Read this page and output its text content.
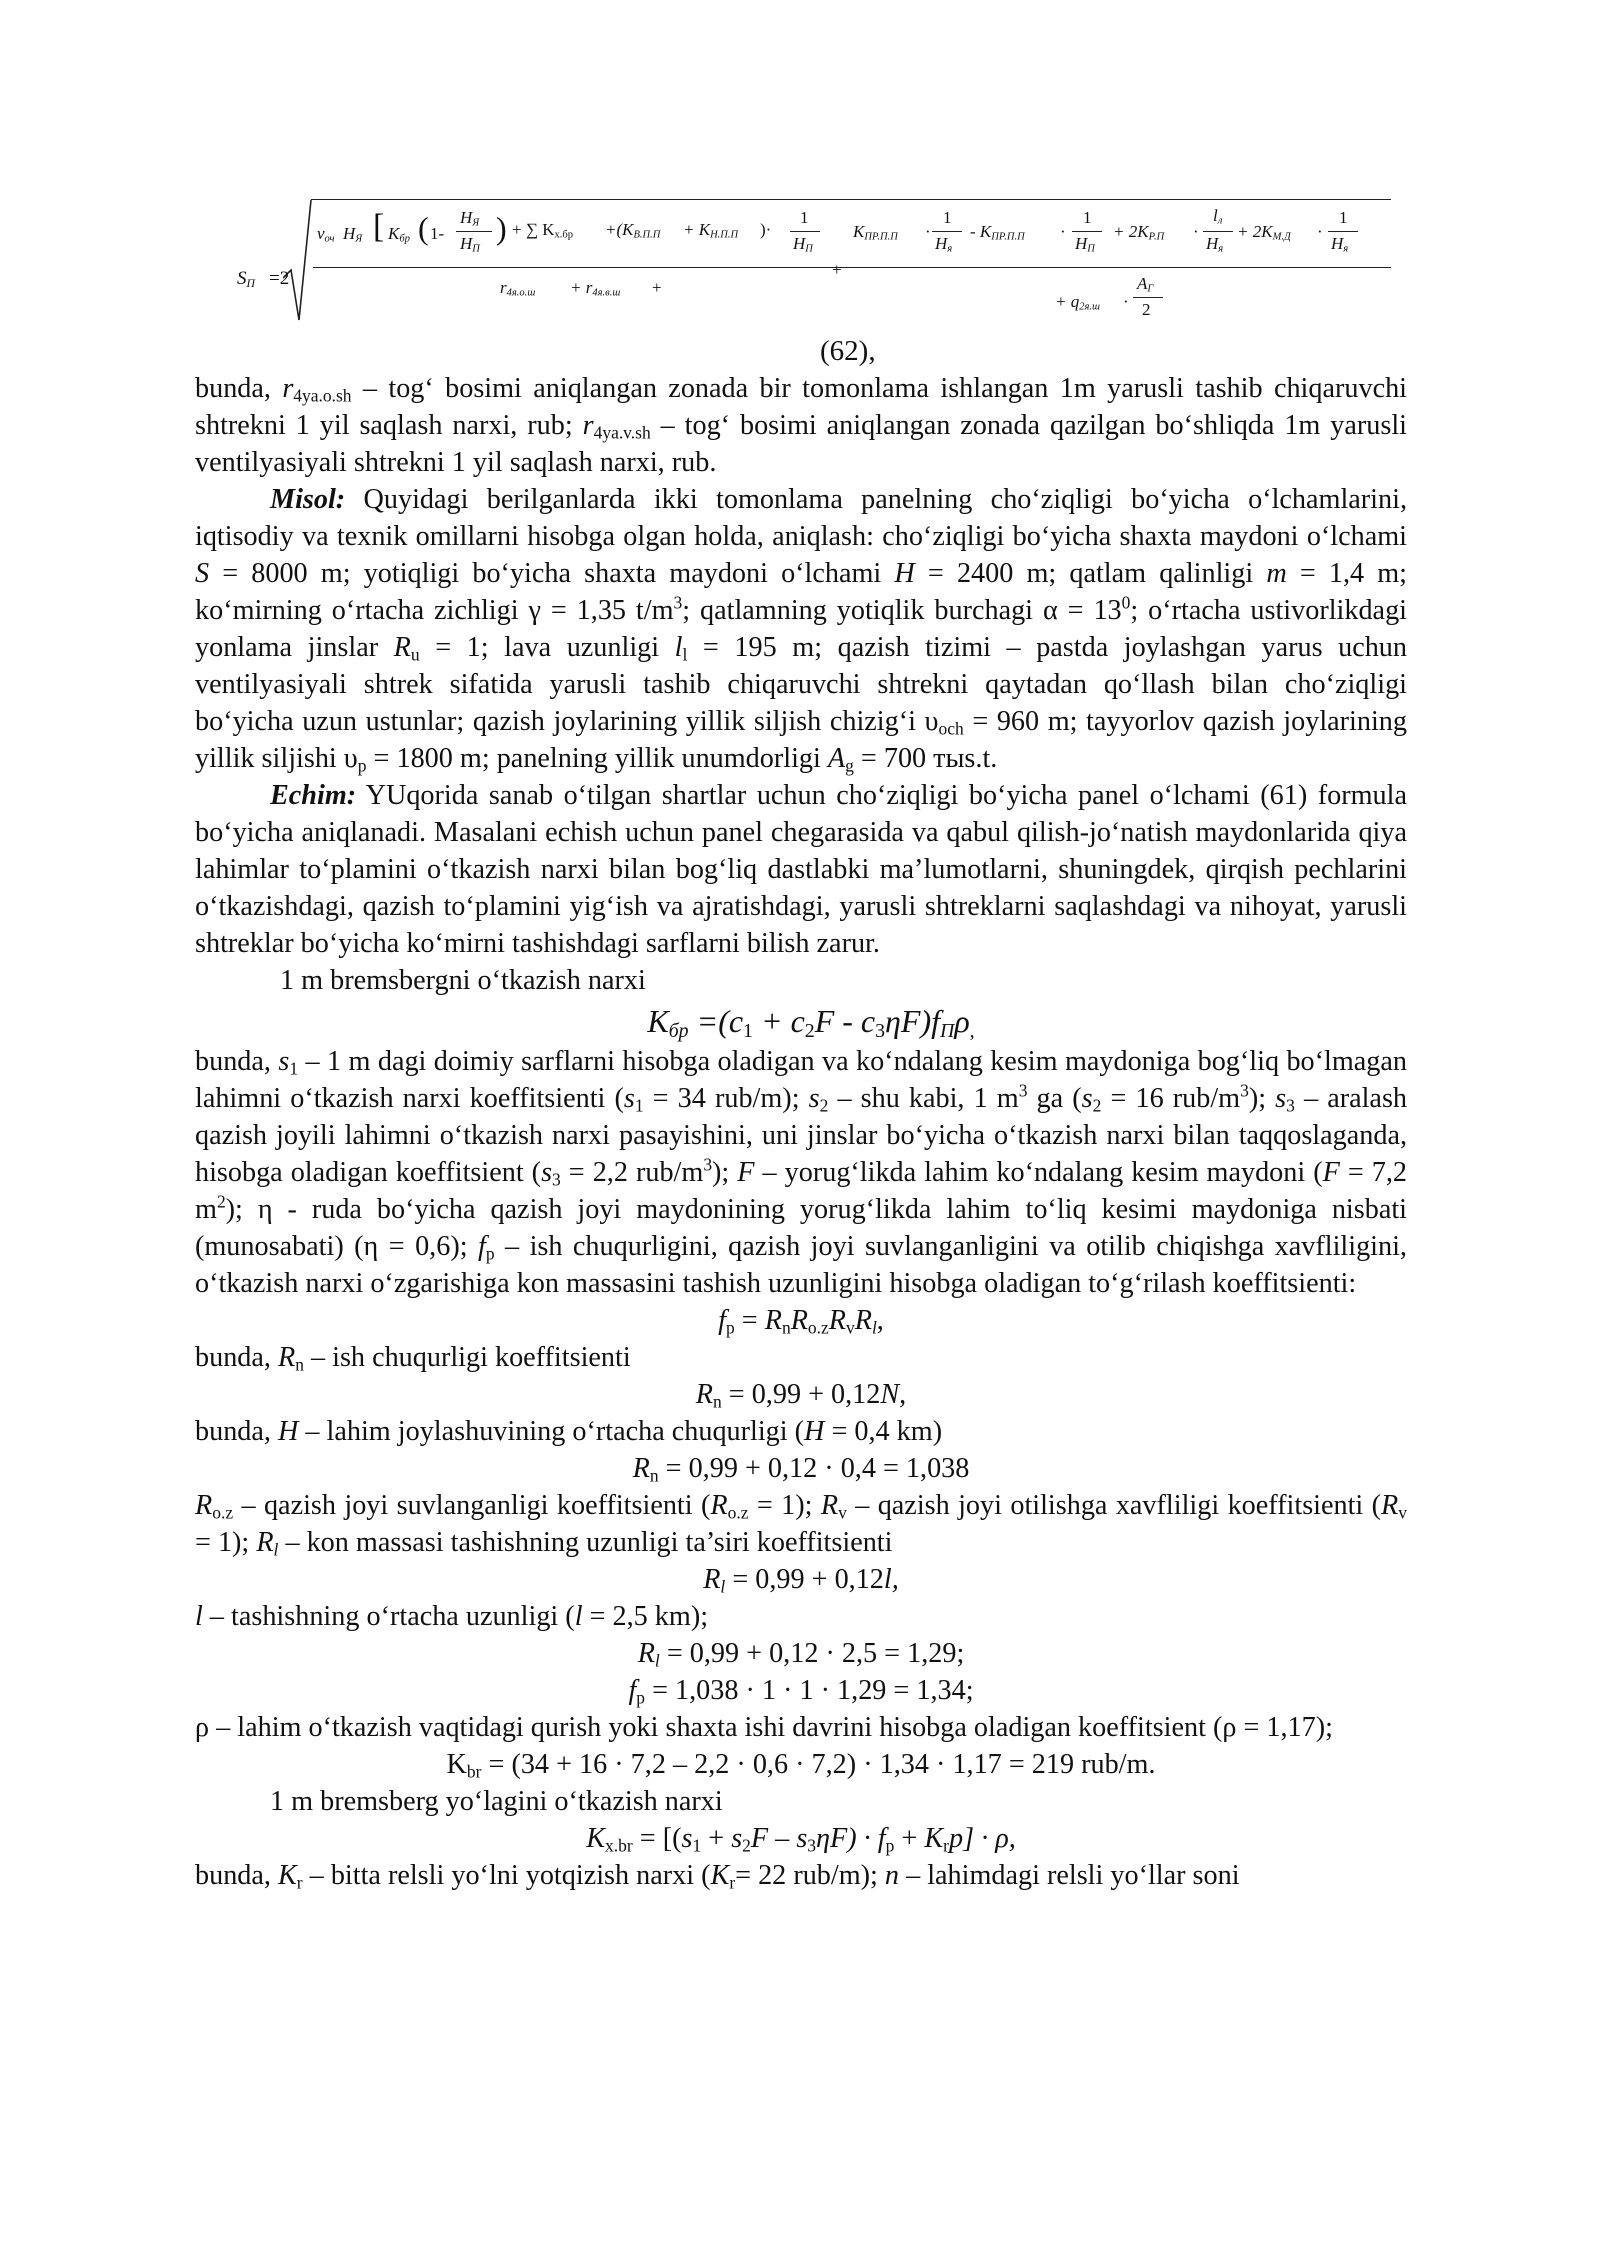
$S_П =2$
$v_{оч}$ $H_Я$ [ $K_{бр}$ ( 1-
$H_Я$
$H_П$
) + ∑ $K_{х.бр} +(K_{В.П.П} + K_{Н.П.П}$ )·
1
$H_П$
$K_{ПР.П.П}$ ·
1
$H_я$
- $K_{ПР.П.П}$ ·
1
$H_П$
+ $2K_{Р.П}$ ·
$l_л$
$H_я$
+ $2K_{М.Д}$ ·
1
$H_я$
+
$r_{4я.о.ш} + r_{4я.в.ш}$ +
+ $q_{2я.ш}$ ·
$A_Г$
2
(62),

bunda, $r_{4ya.o.sh}$ – tog‘ bosimi aniqlangan zonada bir tomonlama ishlangan 1m yarusli tashib chiqaruvchi shtrekni 1 yil saqlash narxi, rub; $r_{4ya.v.sh}$ – tog‘ bosimi aniqlangan zonada qazilgan bo‘shliqda 1m yarusli ventilyasiyali shtrekni 1 yil saqlash narxi, rub.

Misol: Quyidagi berilganlarda ikki tomonlama panelning cho‘ziqligi bo‘yicha o‘lchamlarini, iqtisodiy va texnik omillarni hisobga olgan holda, aniqlash: cho‘ziqligi bo‘yicha shaxta maydoni o‘lchami S = 8000 m; yotiqligi bo‘yicha shaxta maydoni o‘lchami H = 2400 m; qatlam qalinligi m = 1,4 m; ko‘mirning o‘rtacha zichligi γ = 1,35 $t/m^3$; qatlamning yotiqlik burchagi $\alpha = 13^0$; o‘rtacha ustivorlikdagi yonlama jinslar $R_u = 1$; lava uzunligi $l_l = 195$ m; qazish tizimi – pastda joylashgan yarus uchun ventilyasiyali shtrek sifatida yarusli tashib chiqaruvchi shtrekni qaytadan qo‘llash bilan cho‘ziqligi bo‘yicha uzun ustunlar; qazish joylarining yillik siljish chizig‘i $\upsilon_{och} = 960$ m; tayyorlov qazish joylarining yillik siljishi $\upsilon_p = 1800$ m; panelning yillik unumdorligi $A_g = 700$ тыs.t.

Echim: YUqorida sanab o‘tilgan shartlar uchun cho‘ziqligi bo‘yicha panel o‘lchami (61) formula bo‘yicha aniqlanadi. Masalani echish uchun panel chegarasida va qabul qilish-jo‘natish maydonlarida qiya lahimlar to‘plamini o‘tkazish narxi bilan bog‘liq dastlabki ma’lumotlarni, shuningdek, qirqish pechlarini o‘tkazishdagi, qazish to‘plamini yig‘ish va ajratishdagi, yarusli shtreklarni saqlashdagi va nihoyat, yarusli shtreklar bo‘yicha ko‘mirni tashishdagi sarflarni bilish zarur.

1 m bremsbergni o‘tkazish narxi

$K_{бр} =(c_1 + c_2F - c_3\eta F)f_П\rho_,$

bunda, $s_1 - 1$ m dagi doimiy sarflarni hisobga oladigan va ko‘ndalang kesim maydoniga bog‘liq bo‘lmagan lahimni o‘tkazish narxi koeffitsienti ($s_1 = 34$ rub/m); $s_2$ – shu kabi, 1 $m^3$ ga ($s_2 = 16$ rub/$m^3$); $s_3$ – aralash qazish joyili lahimni o‘tkazish narxi pasayishini, uni jinslar bo‘yicha o‘tkazish narxi bilan taqqoslaganda, hisobga oladigan koeffitsient ($s_3 = 2,2$ rub/$m^3$); F – yorug‘likda lahim ko‘ndalang kesim maydoni (F = 7,2 $m^2$); η - ruda bo‘yicha qazish joyi maydonining yorug‘likda lahim to‘liq kesimi maydoniga nisbati (munosabati) (η = 0,6); $f_p$ – ish chuqurligini, qazish joyi suvlanganligini va otilib chiqishga xavfliligini, o‘tkazish narxi o‘zgarishiga kon massasini tashish uzunligini hisobga oladigan to‘g‘rilash koeffitsienti:

$f_p = R_nR_{o.z}R_vR_l$,

bunda, $R_n$ – ish chuqurligi koeffitsienti

$R_n = 0,99 + 0,12N$,

bunda, H – lahim joylashuvining o‘rtacha chuqurligi (H = 0,4 km)

$R_n = 0,99 + 0,12 \cdot 0,4 = 1,038$

$R_{o.z}$ – qazish joyi suvlanganligi koeffitsienti $(R_{o.z} = 1)$; $R_v$ – qazish joyi otilishga xavfliligi koeffitsienti $(R_v = 1)$; $R_l$ – kon massasi tashishning uzunligi ta’siri koeffitsienti

$R_l = 0,99 + 0,12l$,

l – tashishning o‘rtacha uzunligi (l = 2,5 km);

$R_l = 0,99 + 0,12 \cdot 2,5 = 1,29$;

$f_p = 1,038 \cdot 1 \cdot 1 \cdot 1,29 = 1,34$;

ρ – lahim o‘tkazish vaqtidagi qurish yoki shaxta ishi davrini hisobga oladigan koeffitsient (ρ = 1,17);

$K_{br} = (34 + 16 \cdot 7,2 - 2,2 \cdot 0,6 \cdot 7,2) \cdot 1,34 \cdot 1,17 = 219$ rub/m.

1 m bremsberg yo‘lagini o‘tkazish narxi

$K_{x.br} = [(s_1 + s_2F - s_3\eta F) \cdot f_p + K_rp] \cdot \rho$,

bunda, $K_r$ – bitta relsli yo‘lni yotqizish narxi ($K_r= 22$ rub/m); n – lahimdagi relsli yo‘llar soni
